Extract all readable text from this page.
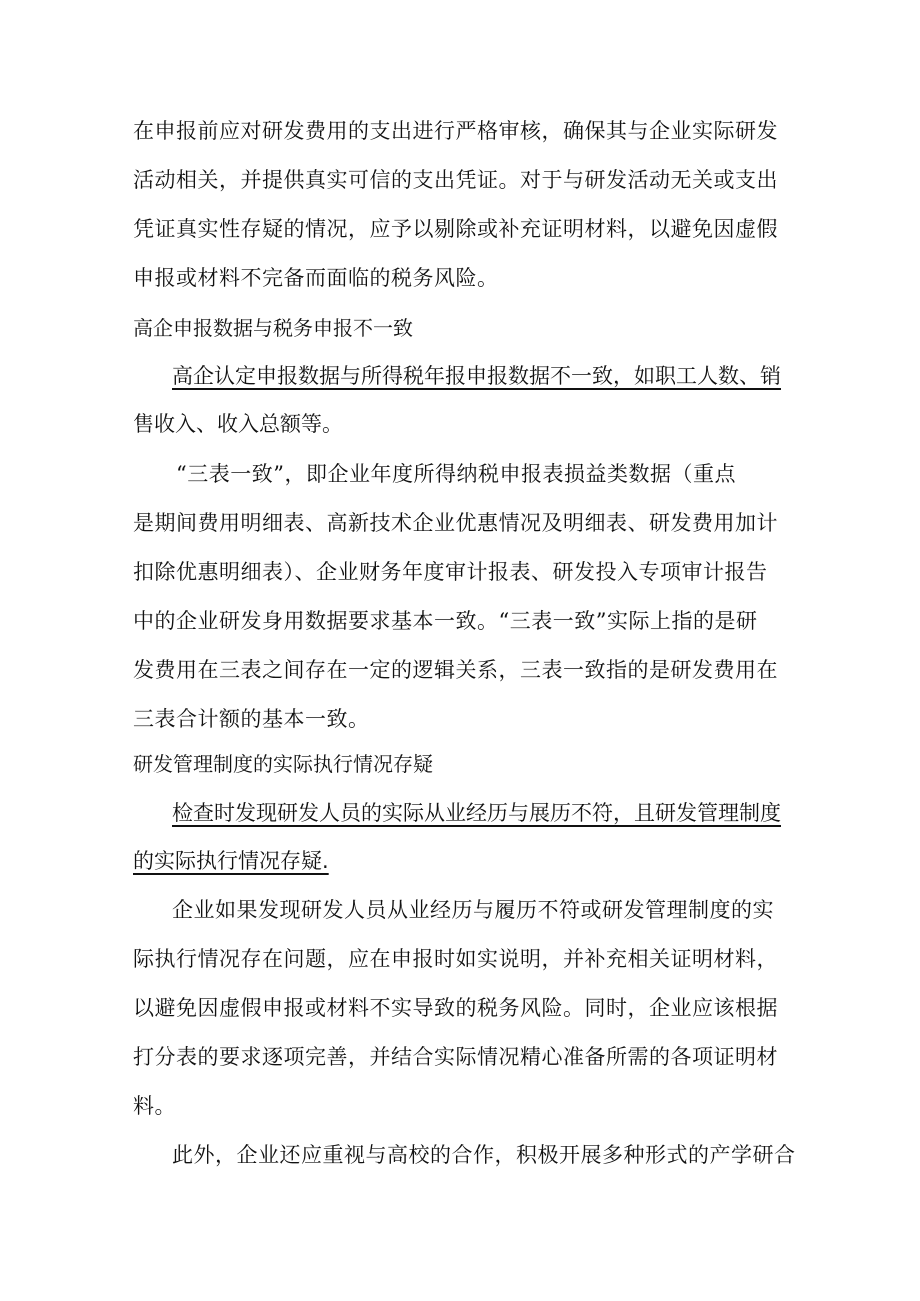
在申报前应对研发费用的支出进行严格审核，确保其与企业实际研发
活动相关，并提供真实可信的支出凭证。对于与研发活动无关或支出
凭证真实性存疑的情况，应予以剔除或补充证明材料，以避免因虚假
申报或材料不完备而面临的税务风险。
高企申报数据与税务申报不一致
高企认定申报数据与所得税年报申报数据不一致，如职工人数、销
售收入、收入总额等。
“三表一致”，即企业年度所得纳税申报表损益类数据（重点
是期间费用明细表、高新技术企业优惠情况及明细表、研发费用加计
扣除优惠明细表）、企业财务年度审计报表、研发投入专项审计报告
中的企业研发身用数据要求基本一致。“三表一致”实际上指的是研
发费用在三表之间存在一定的逻辑关系，三表一致指的是研发费用在
三表合计额的基本一致。
研发管理制度的实际执行情况存疑
检查时发现研发人员的实际从业经历与展历不符，且研发管理制度
的实际执行情况存疑.
企业如果发现研发人员从业经历与履历不符或研发管理制度的实
际执行情况存在问题，应在申报时如实说明，并补充相关证明材料，
以避免因虚假申报或材料不实导致的税务风险。同时，企业应该根据
打分表的要求逐项完善，并结合实际情况精心准备所需的各项证明材
料。
此外，企业还应重视与高校的合作，积极开展多种形式的产学研合
